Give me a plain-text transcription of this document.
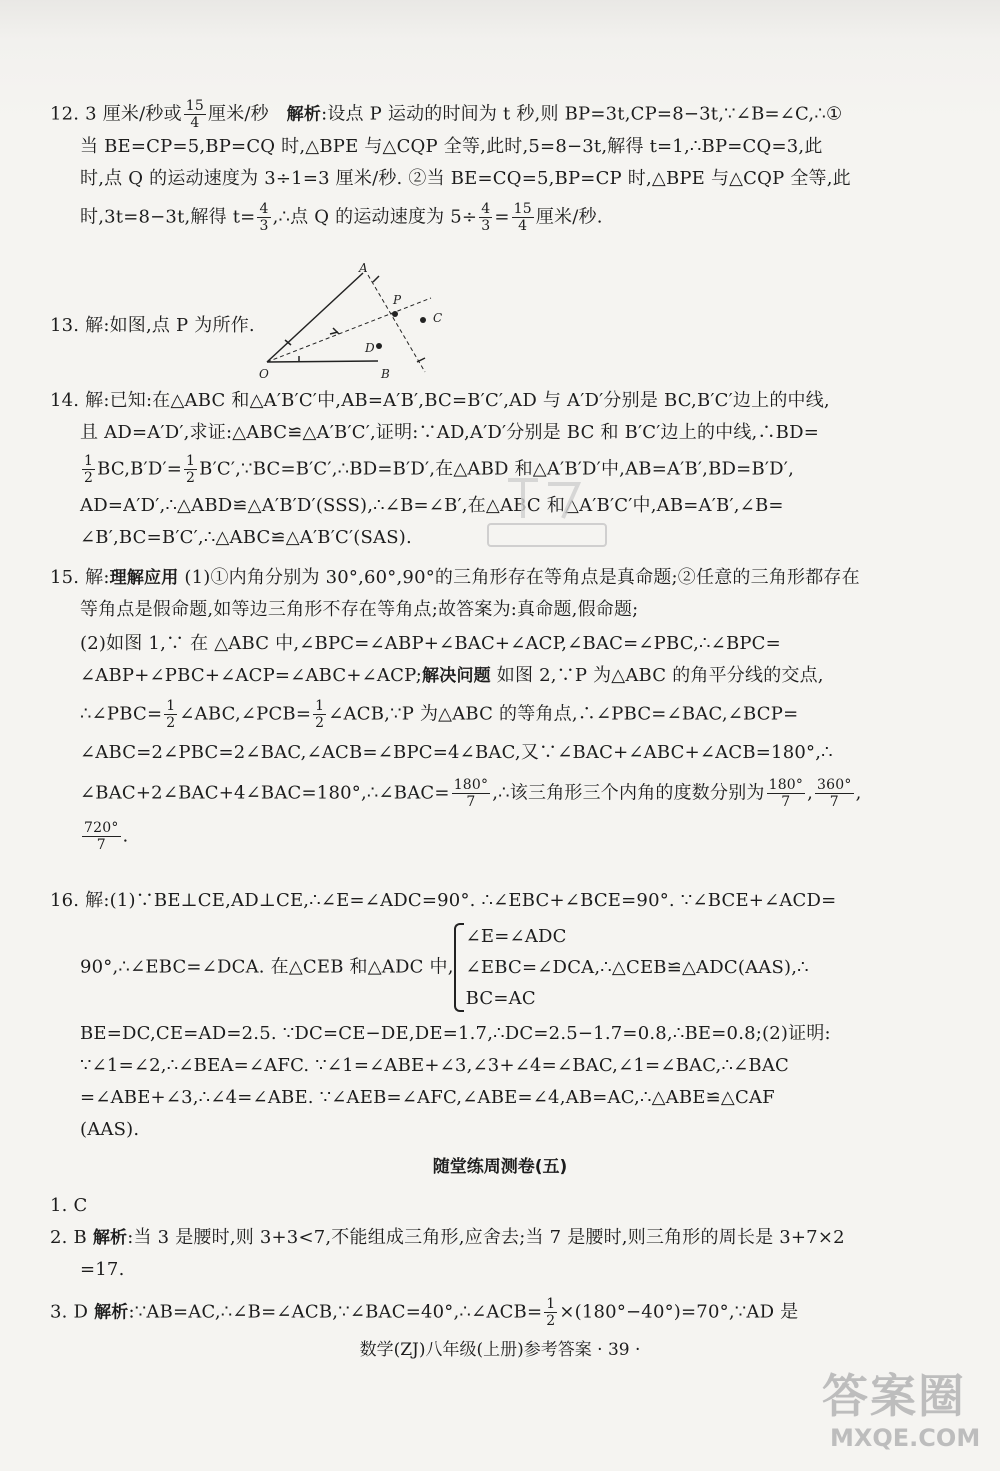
12. 3 厘米/秒或 $\frac{15}{4}$ 厘米/秒 解析:设点 P 运动的时间为 t 秒,则 BP=3t,CP=8−3t,∵∠B=∠C,∴①
当 BE=CP=5,BP=CQ 时,△BPE 与△CQP 全等,此时,5=8−3t,解得 t=1,∴BP=CQ=3,此
时,点 Q 的运动速度为 3÷1=3 厘米/秒. ②当 BE=CQ=5,BP=CP 时,△BPE 与△CQP 全等,此
时,3t=8−3t,解得 $t= \frac{4}{3}$ ,∴点 Q 的运动速度为 $5\div \frac{4}{3} = \frac{15}{4}$ 厘米/秒.
13. 解:如图,点 P 为所作.
A
P
C
D
O	B
14. 解:已知:在△ABC 和△A′B′C′中,AB=A′B′,BC=B′C′,AD 与 A′D′分别是 BC,B′C′边上的中线,
且 AD=A′D′,求证:△ABC≌△A′B′C′,证明:∵AD,A′D′分别是 BC 和 B′C′边上的中线,∴BD=
$\frac{1}{2} BC,B'D'= \frac{1}{2}$ B′C′,∵BC=B′C′,∴BD=B′D′,在△ABD 和△A′B′D′中,AB=A′B′,BD=B′D′,
AD=A′D′,∴△ABD≌△A′B′D′(SSS),∴∠B=∠B′,在△ABC 和△A′B′C′中,AB=A′B′,∠B=
∠B′,BC=B′C′,∴△ABC≌△A′B′C′(SAS).
15. 解:理解应用 (1)①内角分别为 30°,60°,90°的三角形存在等角点是真命题;②任意的三角形都存在
等角点是假命题,如等边三角形不存在等角点;故答案为:真命题,假命题;
(2)如图 1,∵ 在 △ABC 中,∠BPC=∠ABP+∠BAC+∠ACP,∠BAC=∠PBC,∴∠BPC=
∠ABP+∠PBC+∠ACP=∠ABC+∠ACP;解决问题 如图 2,∵P 为△ABC 的角平分线的交点,
∴∠PBC= $\frac{1}{2}$ ∠ABC,∠PCB= $\frac{1}{2}$ ∠ACB,∵P 为△ABC 的等角点,∴∠PBC=∠BAC,∠BCP=
∠ABC=2∠PBC=2∠BAC,∠ACB=∠BPC=4∠BAC,又∵∠BAC+∠ABC+∠ACB=180°,∴
∠BAC+2∠BAC+4∠BAC=180°,∴∠BAC= $\frac{180^\circ}{7}$ ,∴该三角形三个内角的度数分别为 $\frac{180^\circ}{7}$ , $\frac{360^\circ}{7}$ ,
$\frac{720^\circ}{7}$ .
16. 解:(1)∵BE⊥CE,AD⊥CE,∴∠E=∠ADC=90°. ∴∠EBC+∠BCE=90°. ∵∠BCE+∠ACD=
90°,∴∠EBC=∠DCA. 在△CEB 和△ADC 中,
∠E=∠ADC
∠EBC=∠DCA,∴△CEB≌△ADC(AAS),∴
BC=AC
BE=DC,CE=AD=2.5. ∵DC=CE−DE,DE=1.7,∴DC=2.5−1.7=0.8,∴BE=0.8;(2)证明:
∵∠1=∠2,∴∠BEA=∠AFC. ∵∠1=∠ABE+∠3,∠3+∠4=∠BAC,∠1=∠BAC,∴∠BAC
=∠ABE+∠3,∴∠4=∠ABE. ∵∠AEB=∠AFC,∠ABE=∠4,AB=AC,∴△ABE≌△CAF
(AAS).
随堂练周测卷(五)
1. C
2. B 解析:当 3 是腰时,则 3+3<7,不能组成三角形,应舍去;当 7 是腰时,则三角形的周长是 3+7×2
=17.
3. D 解析:∵AB=AC,∴∠B=∠ACB,∵∠BAC=40°,∴∠ACB= $\frac{1}{2}$ ×(180°−40°)=70°,∵AD 是
数学(ZJ)八年级(上册)参考答案 · 39 ·
答案圈
MXQE.COM
